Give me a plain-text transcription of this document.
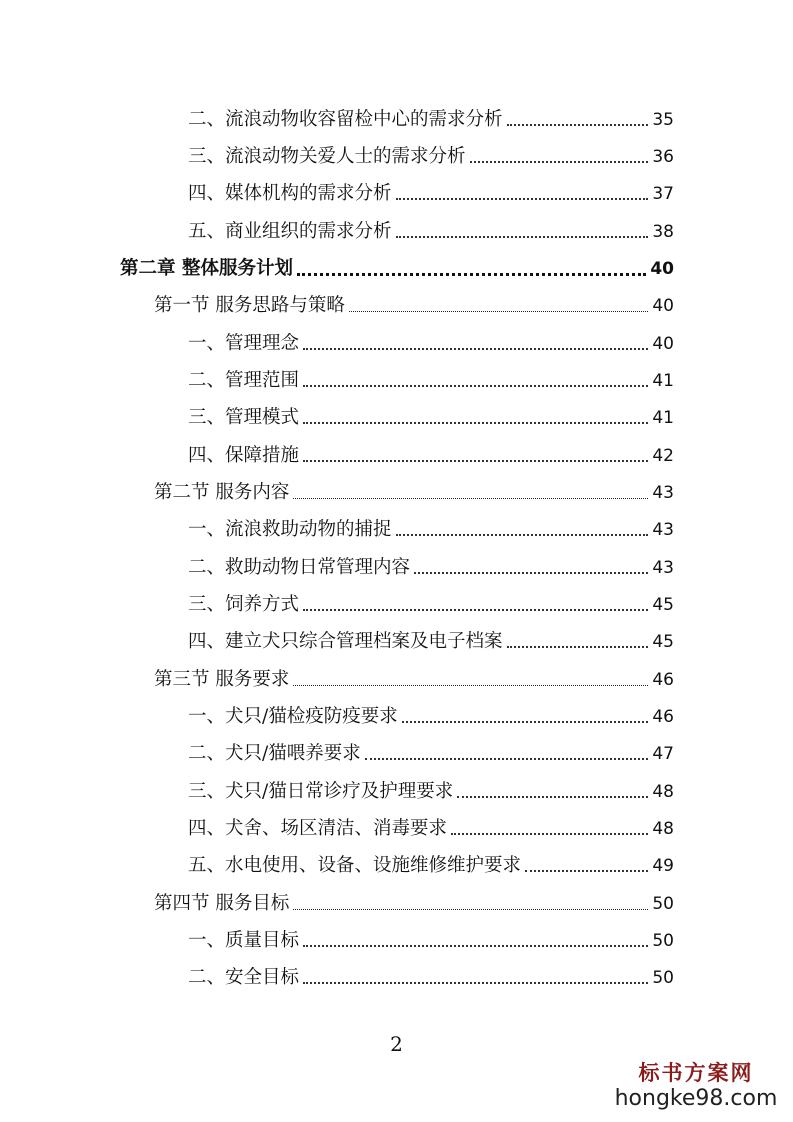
二、流浪动物收容留检中心的需求分析	35
三、流浪动物关爱人士的需求分析	36
四、媒体机构的需求分析	37
五、商业组织的需求分析	38
第二章 整体服务计划	40
第一节 服务思路与策略	40
一、管理理念	40
二、管理范围	41
三、管理模式	41
四、保障措施	42
第二节 服务内容	43
一、流浪救助动物的捕捉	43
二、救助动物日常管理内容	43
三、饲养方式	45
四、建立犬只综合管理档案及电子档案	45
第三节 服务要求	46
一、犬只/猫检疫防疫要求	46
二、犬只/猫喂养要求	47
三、犬只/猫日常诊疗及护理要求	48
四、犬舍、场区清洁、消毒要求	48
五、水电使用、设备、设施维修维护要求	49
第四节 服务目标	50
一、质量目标	50
二、安全目标	50
2
标书方案网
hongke98.com
